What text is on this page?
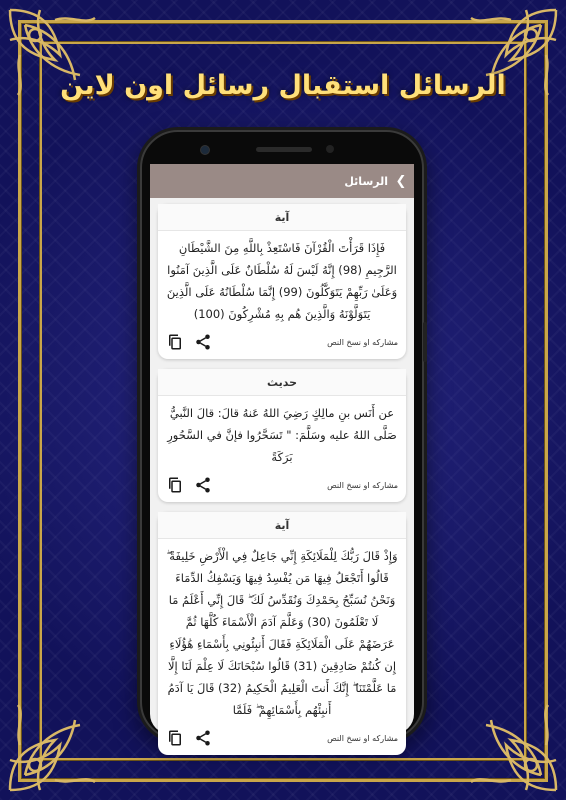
الرسائل استقبال رسائل اون لاين
الرسائل ❮
آية
فَإِذَا قَرَأْتَ الْقُرْآنَ فَاسْتَعِذْ بِاللَّهِ مِنَ الشَّيْطَانِ الرَّجِيمِ (98) إِنَّهُ لَيْسَ لَهُ سُلْطَانٌ عَلَى الَّذِينَ آمَنُوا وَعَلَىٰ رَبِّهِمْ يَتَوَكَّلُونَ (99) إِنَّمَا سُلْطَانُهُ عَلَى الَّذِينَ يَتَوَلَّوْنَهُ وَالَّذِينَ هُم بِهِ مُشْرِكُونَ (100)
مشاركه او نسخ النص
حديث
عن أَنَس بنِ مالِكٍ رَضِيَ اللهُ عَنهُ قالَ: قالَ النَّبيُّ صَلَّى اللهُ عليه وسَلَّمَ: " تَسَحَّرُوا فإنَّ في السَّحُورِ بَرَكَةً
مشاركه او نسخ النص
آية
وَإِذْ قَالَ رَبُّكَ لِلْمَلَائِكَةِ إِنِّي جَاعِلٌ فِي الْأَرْضِ خَلِيفَةً ۖ قَالُوا أَتَجْعَلُ فِيهَا مَن يُفْسِدُ فِيهَا وَيَسْفِكُ الدِّمَاءَ وَنَحْنُ نُسَبِّحُ بِحَمْدِكَ وَنُقَدِّسُ لَكَ ۖ قَالَ إِنِّي أَعْلَمُ مَا لَا تَعْلَمُونَ (30) وَعَلَّمَ آدَمَ الْأَسْمَاءَ كُلَّهَا ثُمَّ عَرَضَهُمْ عَلَى الْمَلَائِكَةِ فَقَالَ أَنبِئُونِي بِأَسْمَاءِ هَٰؤُلَاءِ إِن كُنتُمْ صَادِقِينَ (31) قَالُوا سُبْحَانَكَ لَا عِلْمَ لَنَا إِلَّا مَا عَلَّمْتَنَا ۖ إِنَّكَ أَنتَ الْعَلِيمُ الْحَكِيمُ (32) قَالَ يَا آدَمُ أَنبِئْهُم بِأَسْمَائِهِمْ ۖ فَلَمَّا
مشاركه او نسخ النص
